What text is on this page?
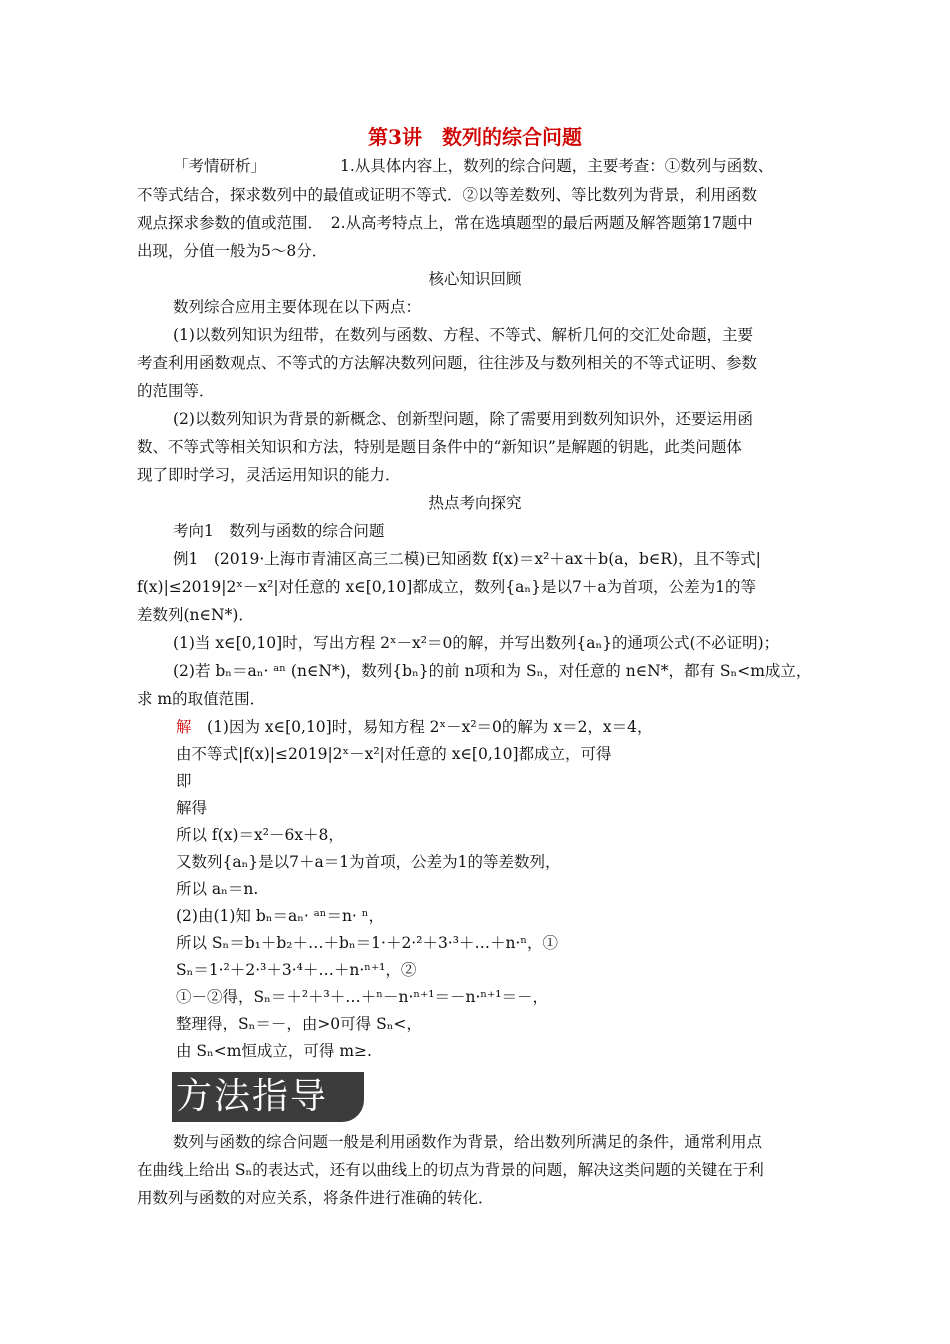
第3讲　数列的综合问题
「考情研析」	1.从具体内容上，数列的综合问题，主要考查：①数列与函数、
不等式结合，探求数列中的最值或证明不等式．②以等差数列、等比数列为背景，利用函数
观点探求参数的值或范围．　2.从高考特点上，常在选填题型的最后两题及解答题第17题中
出现，分值一般为5～8分．
核心知识回顾
数列综合应用主要体现在以下两点：
(1)以数列知识为纽带，在数列与函数、方程、不等式、解析几何的交汇处命题，主要
考查利用函数观点、不等式的方法解决数列问题，往往涉及与数列相关的不等式证明、参数
的范围等．
(2)以数列知识为背景的新概念、创新型问题，除了需要用到数列知识外，还要运用函
数、不等式等相关知识和方法，特别是题目条件中的“新知识”是解题的钥匙，此类问题体
现了即时学习，灵活运用知识的能力．
热点考向探究
考向1　数列与函数的综合问题
例1　(2019·上海市青浦区高三二模)已知函数 f(x)＝x²＋ax＋b(a，b∈R)，且不等式|
f(x)|≤2019|2ˣ－x²|对任意的 x∈[0,10]都成立，数列{aₙ}是以7＋a为首项，公差为1的等
差数列(n∈N*)．
(1)当 x∈[0,10]时，写出方程 2ˣ－x²＝0的解，并写出数列{aₙ}的通项公式(不必证明)；
(2)若 bₙ＝aₙ· ᵃⁿ (n∈N*)，数列{bₙ}的前 n项和为 Sₙ，对任意的 n∈N*，都有 Sₙ<m成立，
求 m的取值范围．
解　(1)因为 x∈[0,10]时，易知方程 2ˣ－x²＝0的解为 x＝2，x＝4，
由不等式|f(x)|≤2019|2ˣ－x²|对任意的 x∈[0,10]都成立，可得
即
解得
所以 f(x)＝x²－6x＋8，
又数列{aₙ}是以7＋a＝1为首项，公差为1的等差数列，
所以 aₙ＝n.
(2)由(1)知 bₙ＝aₙ· ᵃⁿ＝n· ⁿ，
所以 Sₙ＝b₁＋b₂＋…＋bₙ＝1·＋2·²＋3·³＋…＋n·ⁿ，①
Sₙ＝1·²＋2·³＋3·⁴＋…＋n·ⁿ⁺¹，②
①－②得，Sₙ＝＋²＋³＋…＋ⁿ－n·ⁿ⁺¹＝－n·ⁿ⁺¹＝－，
整理得，Sₙ＝－，由>0可得 Sₙ<，
由 Sₙ<m恒成立，可得 m≥.
方法指导
数列与函数的综合问题一般是利用函数作为背景，给出数列所满足的条件，通常利用点
在曲线上给出 Sₙ的表达式，还有以曲线上的切点为背景的问题，解决这类问题的关键在于利
用数列与函数的对应关系，将条件进行准确的转化．
